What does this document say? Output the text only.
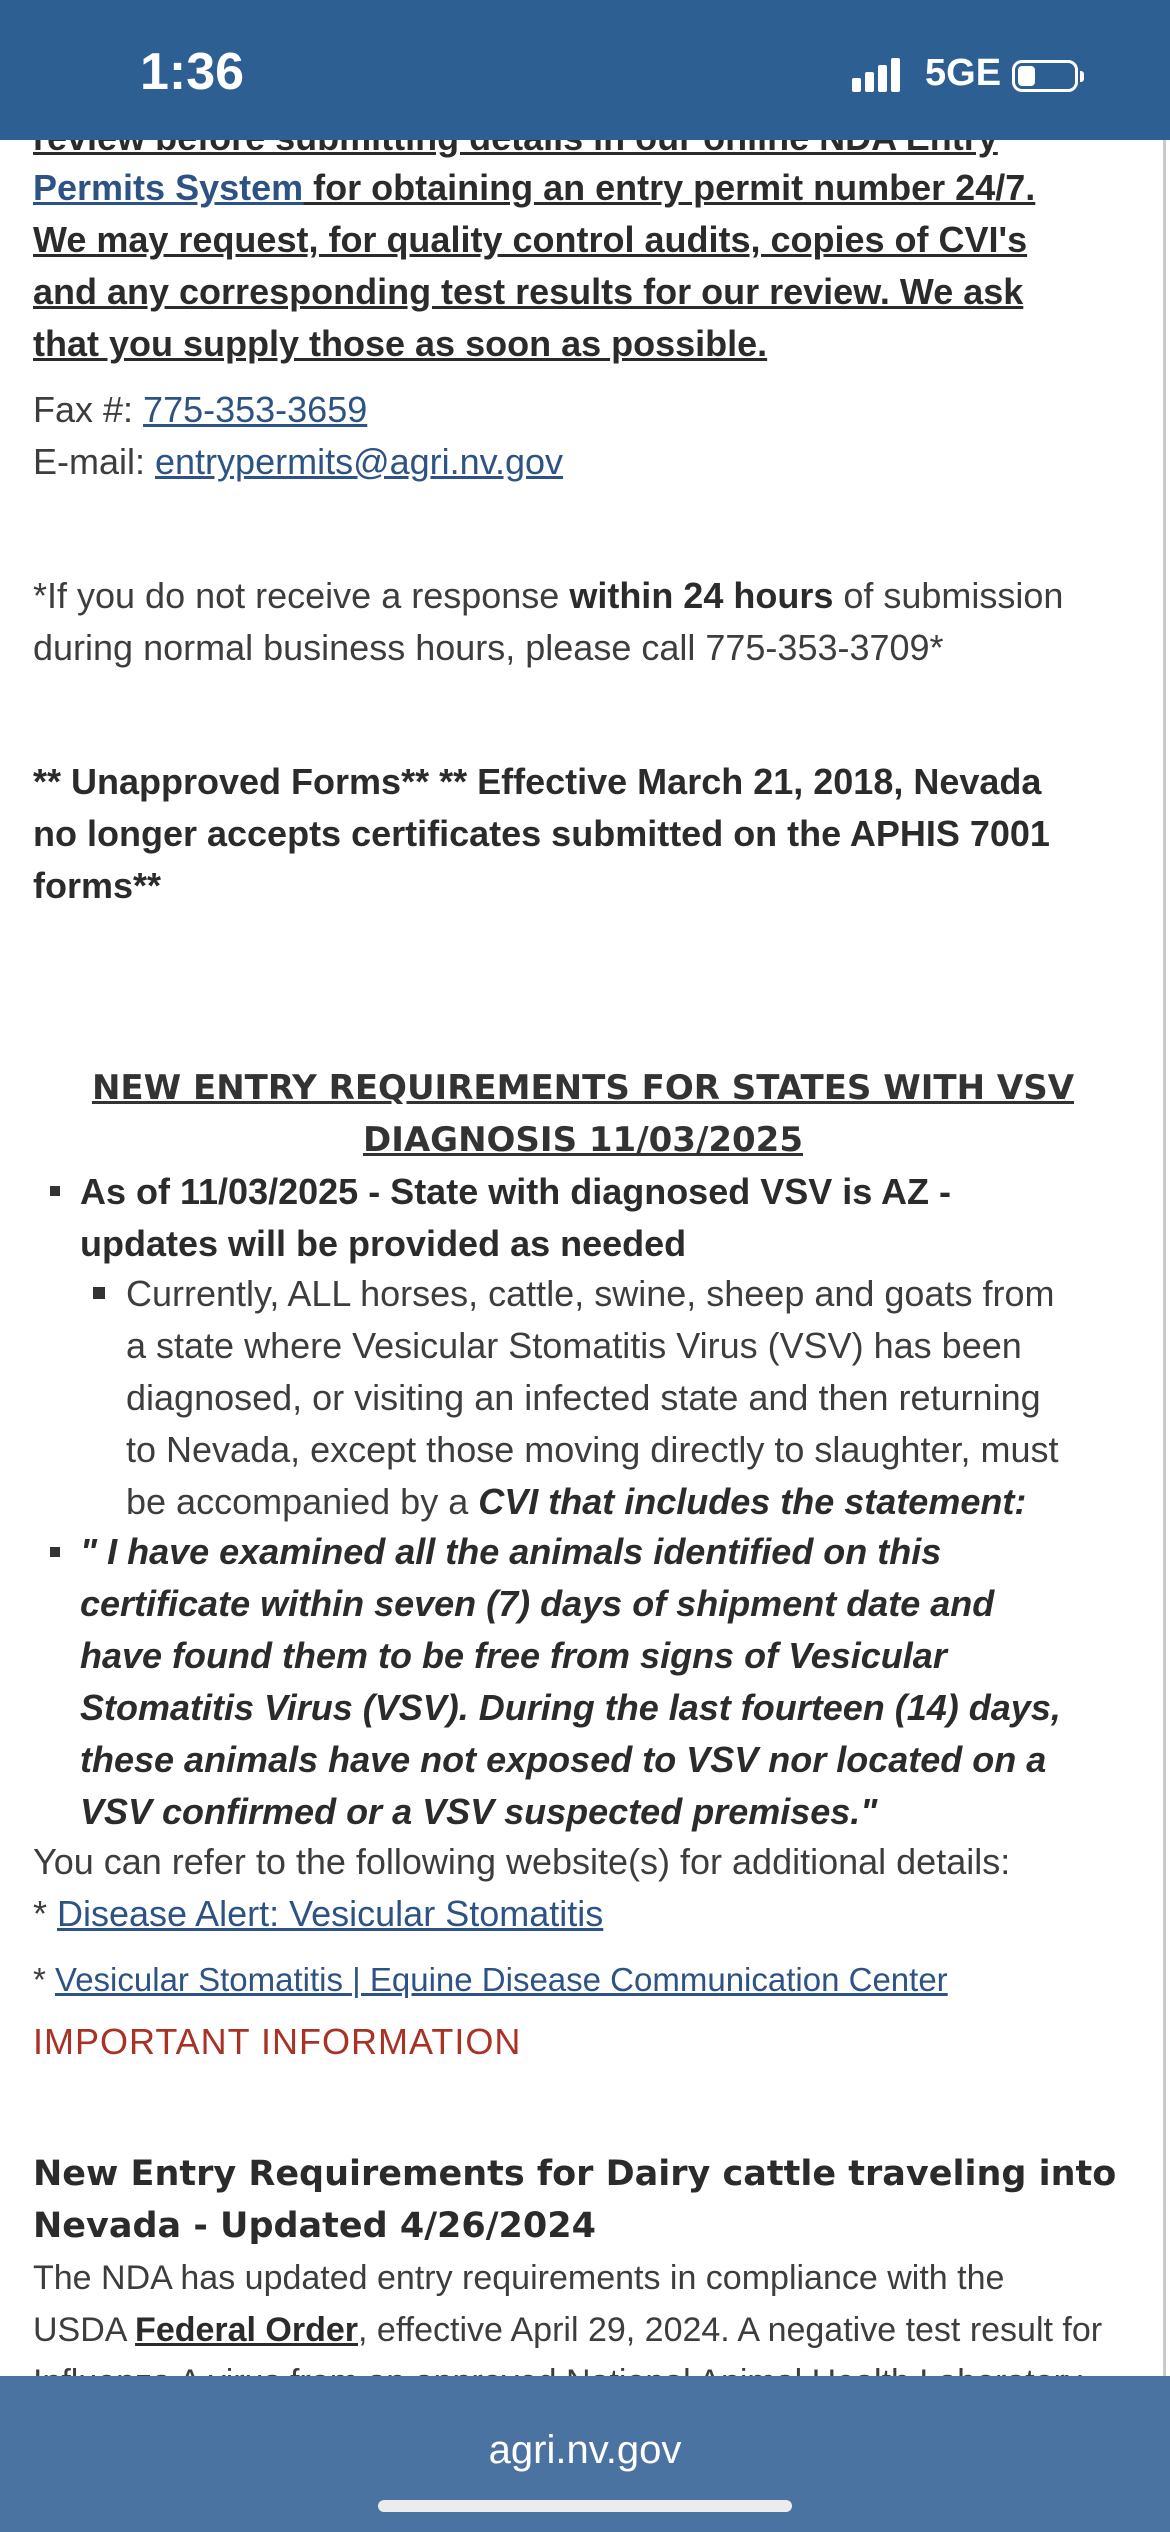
Permits System for obtaining an entry permit number 24/7.
We may request, for quality control audits, copies of CVI's
and any corresponding test results for our review. We ask
that you supply those as soon as possible.
Fax #: 775-353-3659
E-mail: entrypermits@agri.nv.gov
*If you do not receive a response within 24 hours of submission
during normal business hours, please call 775-353-3709*
** Unapproved Forms** ** Effective March 21, 2018, Nevada
no longer accepts certificates submitted on the APHIS 7001
forms**
NEW ENTRY REQUIREMENTS FOR STATES WITH VSV
DIAGNOSIS 11/03/2025
As of 11/03/2025 - State with diagnosed VSV is AZ -
updates will be provided as needed
Currently, ALL horses, cattle, swine, sheep and goats from
a state where Vesicular Stomatitis Virus (VSV) has been
diagnosed, or visiting an infected state and then returning
to Nevada, except those moving directly to slaughter, must
be accompanied by a CVI that includes the statement:
" I have examined all the animals identified on this
certificate within seven (7) days of shipment date and
have found them to be free from signs of Vesicular
Stomatitis Virus (VSV). During the last fourteen (14) days,
these animals have not exposed to VSV nor located on a
VSV confirmed or a VSV suspected premises."
You can refer to the following website(s) for additional details:
* Disease Alert: Vesicular Stomatitis
* Vesicular Stomatitis | Equine Disease Communication Center
IMPORTANT INFORMATION
New Entry Requirements for Dairy cattle traveling into
Nevada - Updated 4/26/2024
The NDA has updated entry requirements in compliance with the
USDA Federal Order, effective April 29, 2024. A negative test result for
1:36	5GE
agri.nv.gov
